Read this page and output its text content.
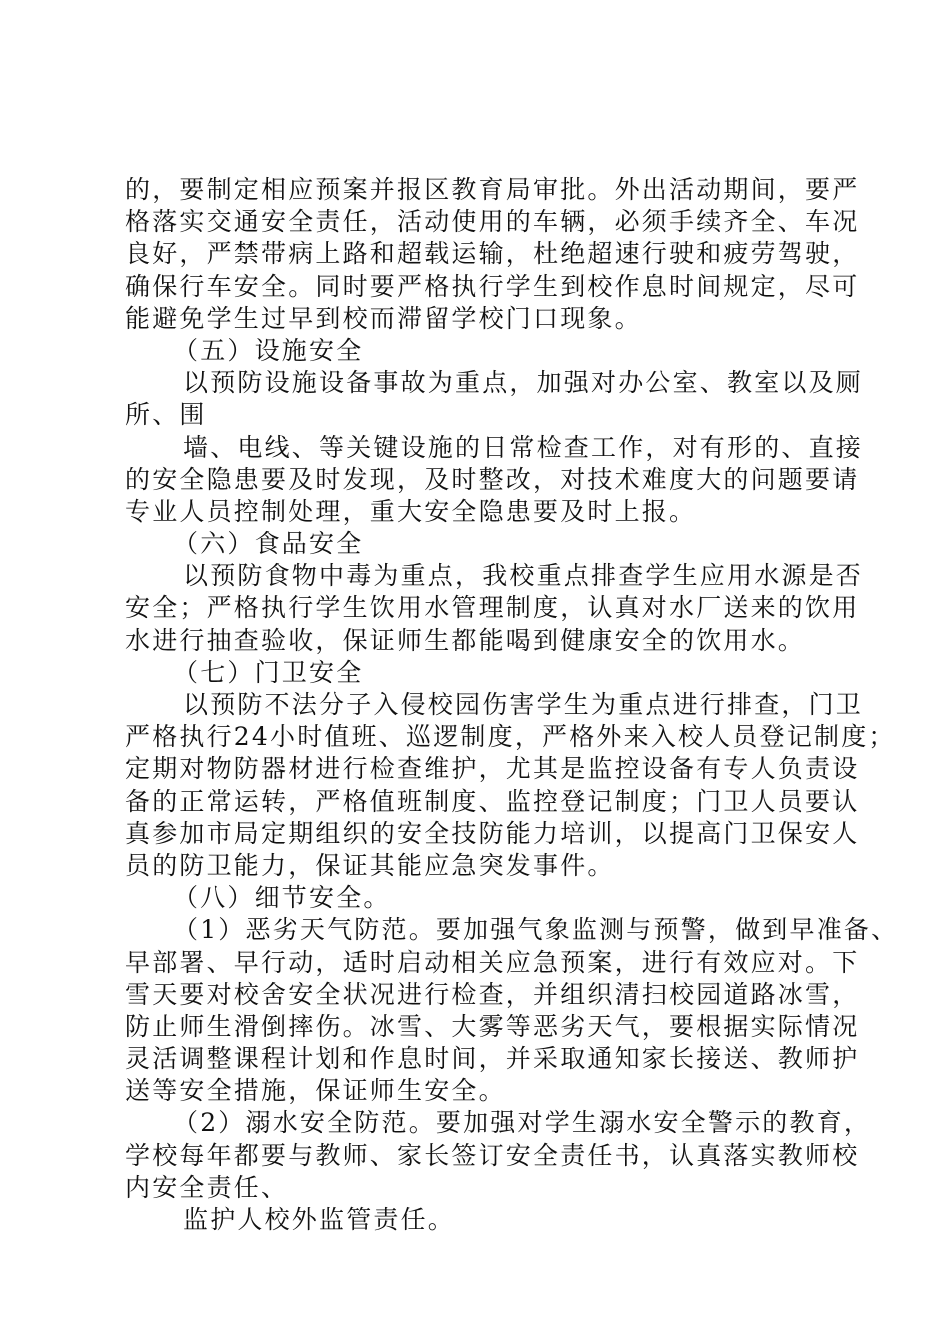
的，要制定相应预案并报区教育局审批。外出活动期间，要严
格落实交通安全责任，活动使用的车辆，必须手续齐全、车况
良好，严禁带病上路和超载运输，杜绝超速行驶和疲劳驾驶，
确保行车安全。同时要严格执行学生到校作息时间规定，尽可
能避免学生过早到校而滞留学校门口现象。
（五）设施安全
以预防设施设备事故为重点，加强对办公室、教室以及厕
所、围
墙、电线、等关键设施的日常检查工作，对有形的、直接
的安全隐患要及时发现，及时整改，对技术难度大的问题要请
专业人员控制处理，重大安全隐患要及时上报。
（六）食品安全
以预防食物中毒为重点，我校重点排查学生应用水源是否
安全；严格执行学生饮用水管理制度，认真对水厂送来的饮用
水进行抽查验收，保证师生都能喝到健康安全的饮用水。
（七）门卫安全
以预防不法分子入侵校园伤害学生为重点进行排查，门卫
严格执行24小时值班、巡逻制度，严格外来入校人员登记制度；
定期对物防器材进行检查维护，尤其是监控设备有专人负责设
备的正常运转，严格值班制度、监控登记制度；门卫人员要认
真参加市局定期组织的安全技防能力培训，以提高门卫保安人
员的防卫能力，保证其能应急突发事件。
（八）细节安全。
（1）恶劣天气防范。要加强气象监测与预警，做到早准备、
早部署、早行动，适时启动相关应急预案，进行有效应对。下
雪天要对校舍安全状况进行检查，并组织清扫校园道路冰雪，
防止师生滑倒摔伤。冰雪、大雾等恶劣天气，要根据实际情况
灵活调整课程计划和作息时间，并采取通知家长接送、教师护
送等安全措施，保证师生安全。
（2）溺水安全防范。要加强对学生溺水安全警示的教育，
学校每年都要与教师、家长签订安全责任书，认真落实教师校
内安全责任、
监护人校外监管责任。
